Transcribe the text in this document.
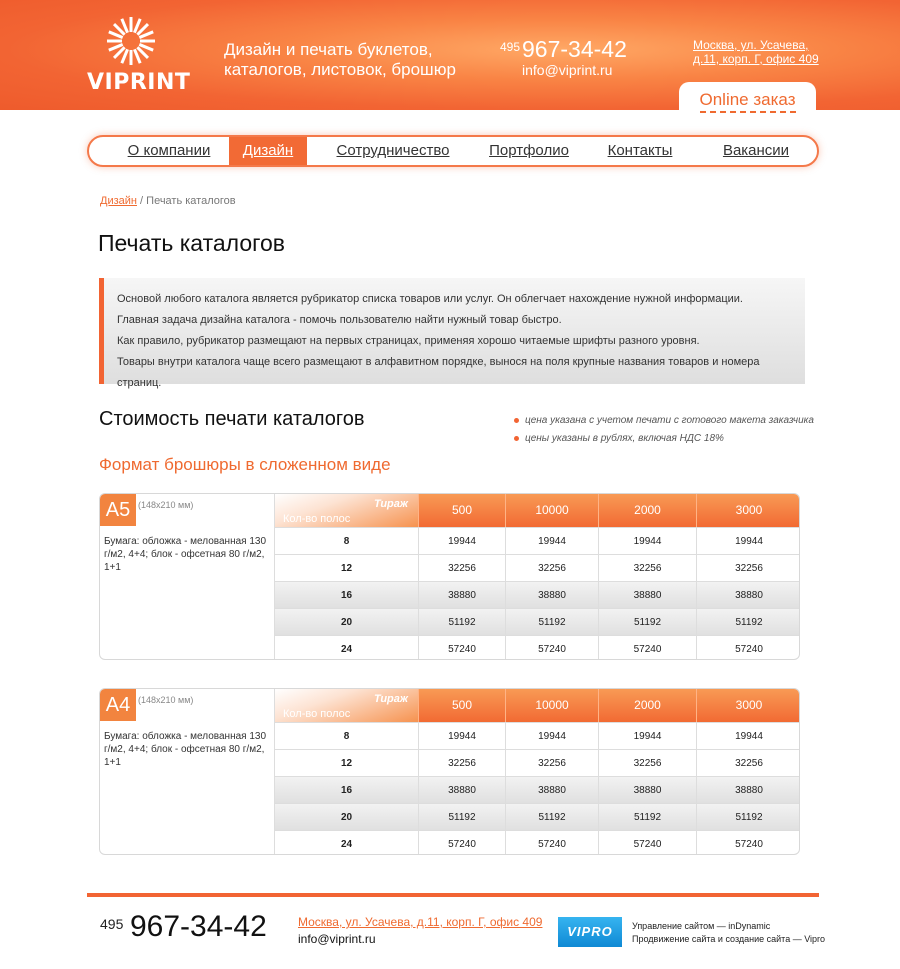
VIPRINT
Дизайн и печать буклетов,
каталогов, листовок, брошюр
495 967-34-42
info@viprint.ru
Москва, ул. Усачева,
д.11, корп. Г, офис 409
Online заказ
О компании	Дизайн	Сотрудничество	Портфолио	Контакты	Вакансии
Дизайн / Печать каталогов
Печать каталогов

Основой любого каталога является рубрикатор списка товаров или услуг. Он облегчает нахождение нужной информации.

Главная задача дизайна каталога - помочь пользователю найти нужный товар быстро.

Как правило, рубрикатор размещают на первых страницах, применяя хорошо читаемые шрифты разного уровня.

Товары внутри каталога чаще всего размещают в алфавитном порядке, вынося на поля крупные названия товаров и номера страниц.

Стоимость печати каталогов	цена указана с учетом печати с готового макета заказчика
цены указаны в рублях, включая НДС 18%
Формат брошюры в сложенном виде
A5 (148x210 мм)
Бумага: обложка - мелованная 130 г/м2, 4+4; блок - офсетная 80 г/м2, 1+1
Тираж
Кол-во полос
500	10000	2000	3000
8	19944	19944	19944	19944
12	32256	32256	32256	32256
16	38880	38880	38880	38880
20	51192	51192	51192	51192
24	57240	57240	57240	57240
A4 (148x210 мм)
Бумага: обложка - мелованная 130 г/м2, 4+4; блок - офсетная 80 г/м2, 1+1
Тираж
Кол-во полос
500	10000	2000	3000
8	19944	19944	19944	19944
12	32256	32256	32256	32256
16	38880	38880	38880	38880
20	51192	51192	51192	51192
24	57240	57240	57240	57240
495 967-34-42	Москва, ул. Усачева, д.11, корп. Г, офис 409
info@viprint.ru	VIPRO	Управление сайтом — inDynamic
Продвижение сайта и создание сайта — Vipro
